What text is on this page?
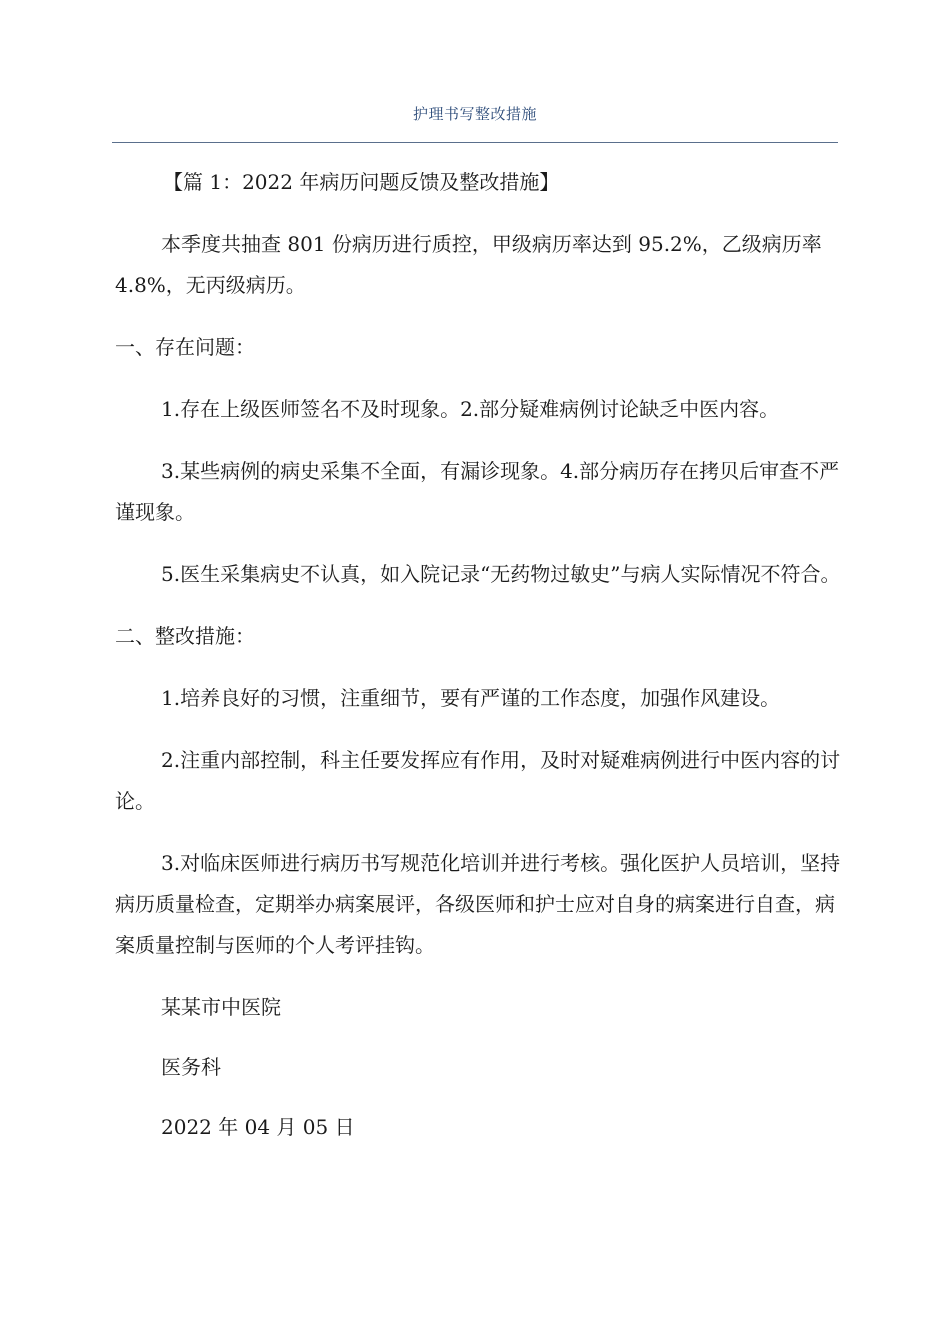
护理书写整改措施

【篇 1：2022 年病历问题反馈及整改措施】

本季度共抽查 801 份病历进行质控，甲级病历率达到 95.2%，乙级病历率 4.8%，无丙级病历。

一、存在问题：

1.存在上级医师签名不及时现象。2.部分疑难病例讨论缺乏中医内容。

3.某些病例的病史采集不全面，有漏诊现象。4.部分病历存在拷贝后审查不严谨现象。

5.医生采集病史不认真，如入院记录“无药物过敏史”与病人实际情况不符合。

二、整改措施：

1.培养良好的习惯，注重细节，要有严谨的工作态度，加强作风建设。

2.注重内部控制，科主任要发挥应有作用，及时对疑难病例进行中医内容的讨论。

3.对临床医师进行病历书写规范化培训并进行考核。强化医护人员培训，坚持病历质量检查，定期举办病案展评，各级医师和护士应对自身的病案进行自查，病案质量控制与医师的个人考评挂钩。

某某市中医院

医务科

2022 年 04 月 05 日
